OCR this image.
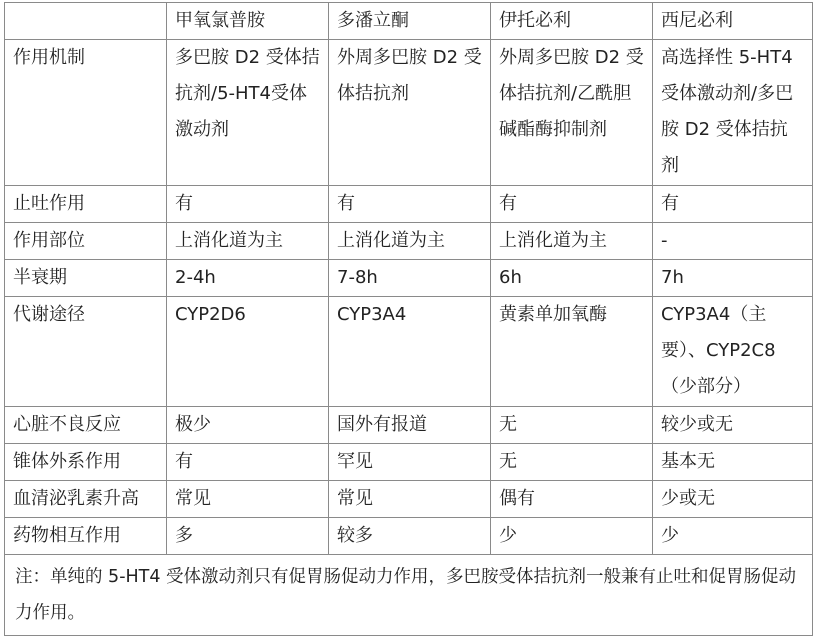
	甲氧氯普胺	多潘立酮	伊托必利	西尼必利
作用机制	多巴胺 D2 受体拮抗剂/5-HT4受体激动剂	外周多巴胺 D2 受体拮抗剂	外周多巴胺 D2 受体拮抗剂/乙酰胆碱酯酶抑制剂	高选择性 5-HT4 受体激动剂/多巴胺 D2 受体拮抗剂
止吐作用	有	有	有	有
作用部位	上消化道为主	上消化道为主	上消化道为主	-
半衰期	2-4h	7-8h	6h	7h
代谢途径	CYP2D6	CYP3A4	黄素单加氧酶	CYP3A4（主要）、CYP2C8（少部分）
心脏不良反应	极少	国外有报道	无	较少或无
锥体外系作用	有	罕见	无	基本无
血清泌乳素升高	常见	常见	偶有	少或无
药物相互作用	多	较多	少	少
注：单纯的 5-HT4 受体激动剂只有促胃肠促动力作用，多巴胺受体拮抗剂一般兼有止吐和促胃肠促动力作用。				
